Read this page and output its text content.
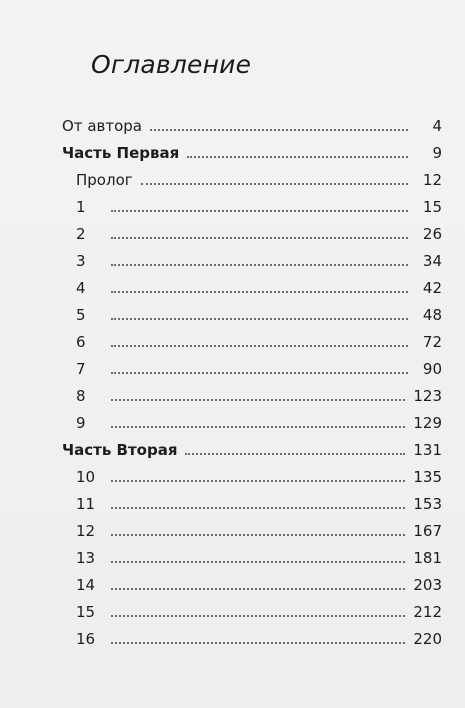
Оглавление
От автора	4
Часть Первая	9
Пролог	12
1	15
2	26
3	34
4	42
5	48
6	72
7	90
8	123
9	129
Часть Вторая	131
10	135
11	153
12	167
13	181
14	203
15	212
16	220
